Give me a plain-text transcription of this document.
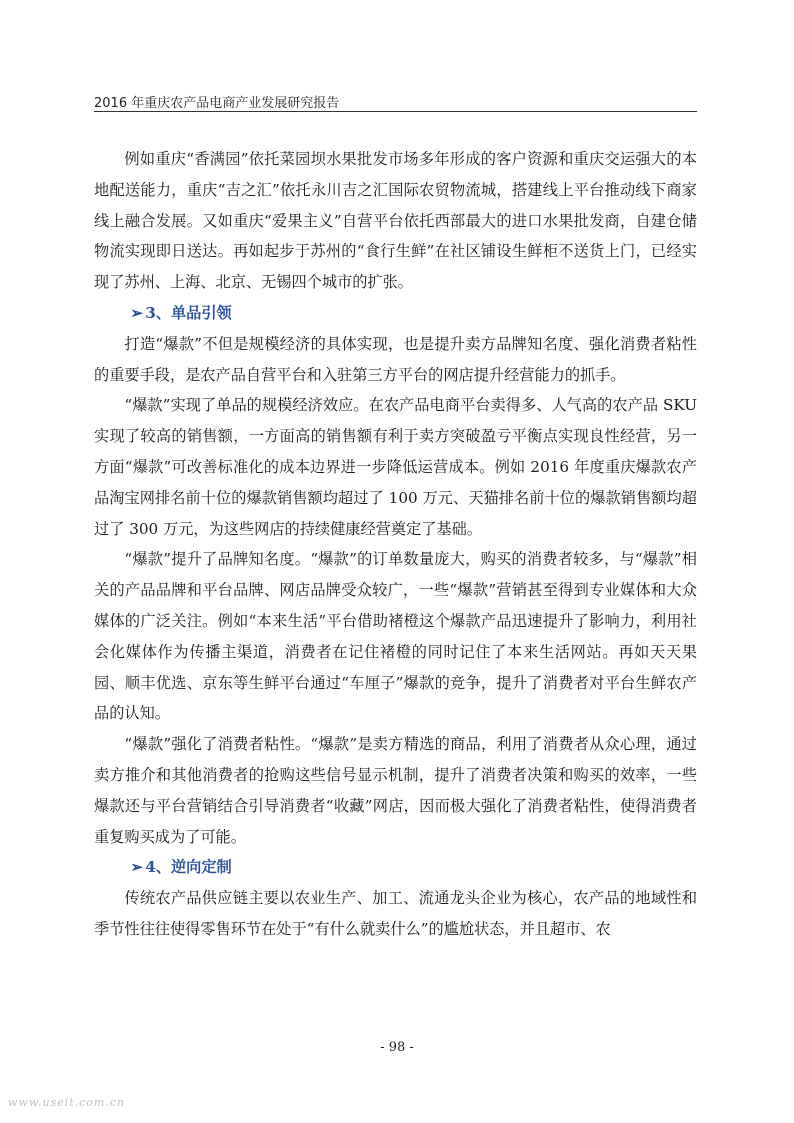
2016 年重庆农产品电商产业发展研究报告

例如重庆“香满园”依托菜园坝水果批发市场多年形成的客户资源和重庆交运强大的本地配送能力，重庆“吉之汇”依托永川吉之汇国际农贸物流城，搭建线上平台推动线下商家线上融合发展。又如重庆“爱果主义”自营平台依托西部最大的进口水果批发商，自建仓储物流实现即日送达。再如起步于苏州的“食行生鲜”在社区铺设生鲜柜不送货上门，已经实现了苏州、上海、北京、无锡四个城市的扩张。

➢ 3、单品引领

打造“爆款”不但是规模经济的具体实现，也是提升卖方品牌知名度、强化消费者粘性的重要手段，是农产品自营平台和入驻第三方平台的网店提升经营能力的抓手。

“爆款”实现了单品的规模经济效应。在农产品电商平台卖得多、人气高的农产品 SKU 实现了较高的销售额，一方面高的销售额有利于卖方突破盈亏平衡点实现良性经营，另一方面“爆款”可改善标准化的成本边界进一步降低运营成本。例如 2016 年度重庆爆款农产品淘宝网排名前十位的爆款销售额均超过了 100 万元、天猫排名前十位的爆款销售额均超过了 300 万元，为这些网店的持续健康经营奠定了基础。

“爆款”提升了品牌知名度。“爆款”的订单数量庞大，购买的消费者较多，与“爆款”相关的产品品牌和平台品牌、网店品牌受众较广，一些“爆款”营销甚至得到专业媒体和大众媒体的广泛关注。例如“本来生活”平台借助褚橙这个爆款产品迅速提升了影响力，利用社会化媒体作为传播主渠道，消费者在记住褚橙的同时记住了本来生活网站。再如天天果园、顺丰优选、京东等生鲜平台通过“车厘子”爆款的竞争，提升了消费者对平台生鲜农产品的认知。

“爆款”强化了消费者粘性。“爆款”是卖方精选的商品，利用了消费者从众心理，通过卖方推介和其他消费者的抢购这些信号显示机制，提升了消费者决策和购买的效率，一些爆款还与平台营销结合引导消费者“收藏”网店，因而极大强化了消费者粘性，使得消费者重复购买成为了可能。

➢ 4、逆向定制

传统农产品供应链主要以农业生产、加工、流通龙头企业为核心，农产品的地域性和季节性往往使得零售环节在处于“有什么就卖什么”的尴尬状态，并且超市、农

- 98 -
www.useit.com.cn
